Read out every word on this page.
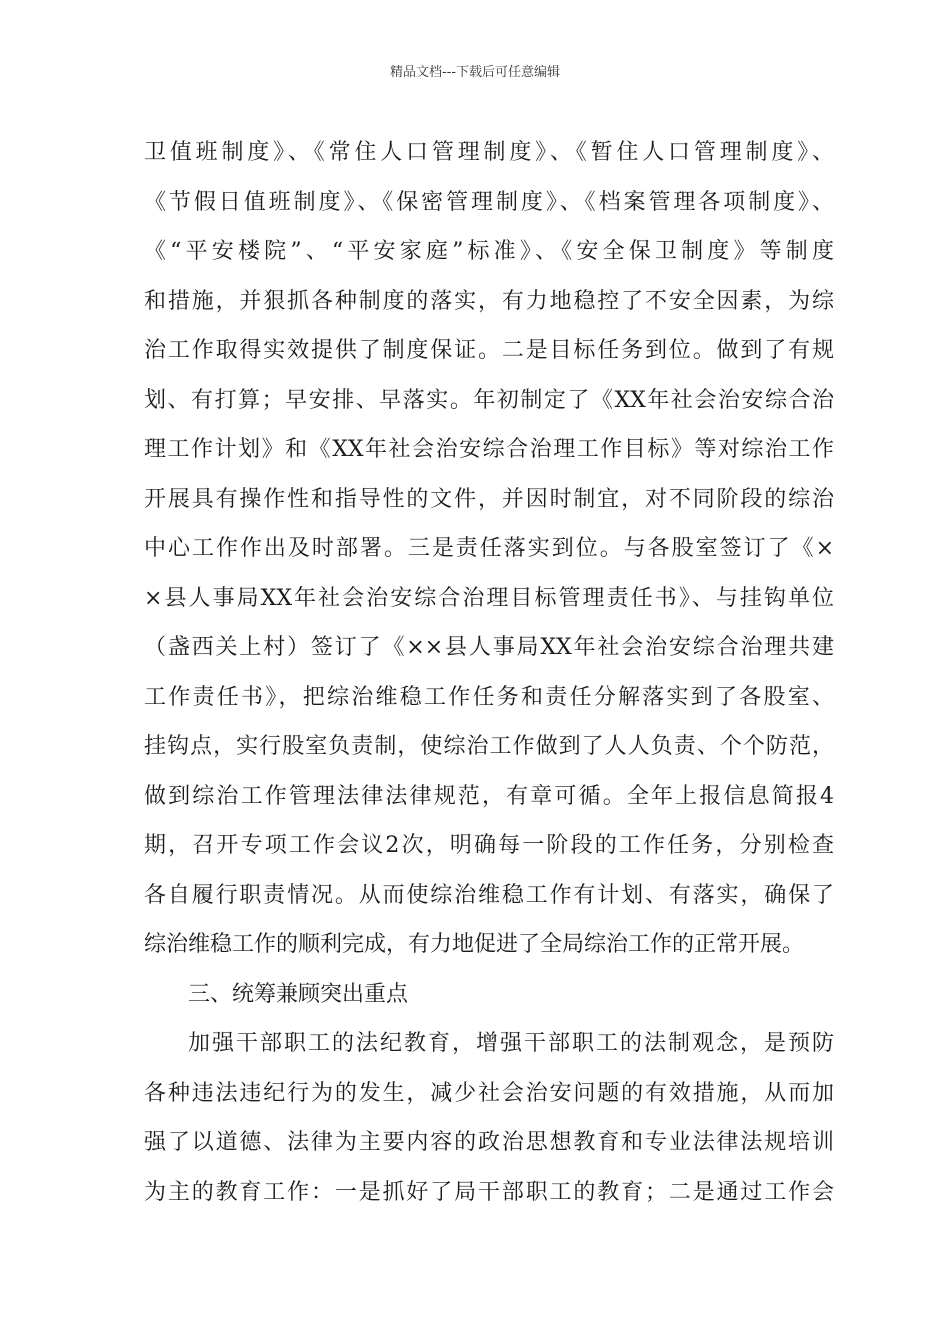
精品文档---下载后可任意编辑
卫值班制度》、《常住人口管理制度》、《暂住人口管理制度》、
《节假日值班制度》、《保密管理制度》、《档案管理各项制度》、
《“平安楼院”、“平安家庭”标准》、《安全保卫制度》等制度
和措施，并狠抓各种制度的落实，有力地稳控了不安全因素，为综
治工作取得实效提供了制度保证。二是目标任务到位。做到了有规
划、有打算；早安排、早落实。年初制定了《XX年社会治安综合治
理工作计划》和《XX年社会治安综合治理工作目标》等对综治工作
开展具有操作性和指导性的文件，并因时制宜，对不同阶段的综治
中心工作作出及时部署。三是责任落实到位。与各股室签订了《×
×县人事局XX年社会治安综合治理目标管理责任书》、与挂钩单位
（盏西关上村）签订了《××县人事局XX年社会治安综合治理共建
工作责任书》，把综治维稳工作任务和责任分解落实到了各股室、
挂钩点，实行股室负责制，使综治工作做到了人人负责、个个防范，
做到综治工作管理法律法律规范，有章可循。全年上报信息简报4
期，召开专项工作会议2次，明确每一阶段的工作任务，分别检查
各自履行职责情况。从而使综治维稳工作有计划、有落实，确保了
综治维稳工作的顺利完成，有力地促进了全局综治工作的正常开展。
三、统筹兼顾突出重点
加强干部职工的法纪教育，增强干部职工的法制观念，是预防
各种违法违纪行为的发生，减少社会治安问题的有效措施，从而加
强了以道德、法律为主要内容的政治思想教育和专业法律法规培训
为主的教育工作：一是抓好了局干部职工的教育；二是通过工作会
